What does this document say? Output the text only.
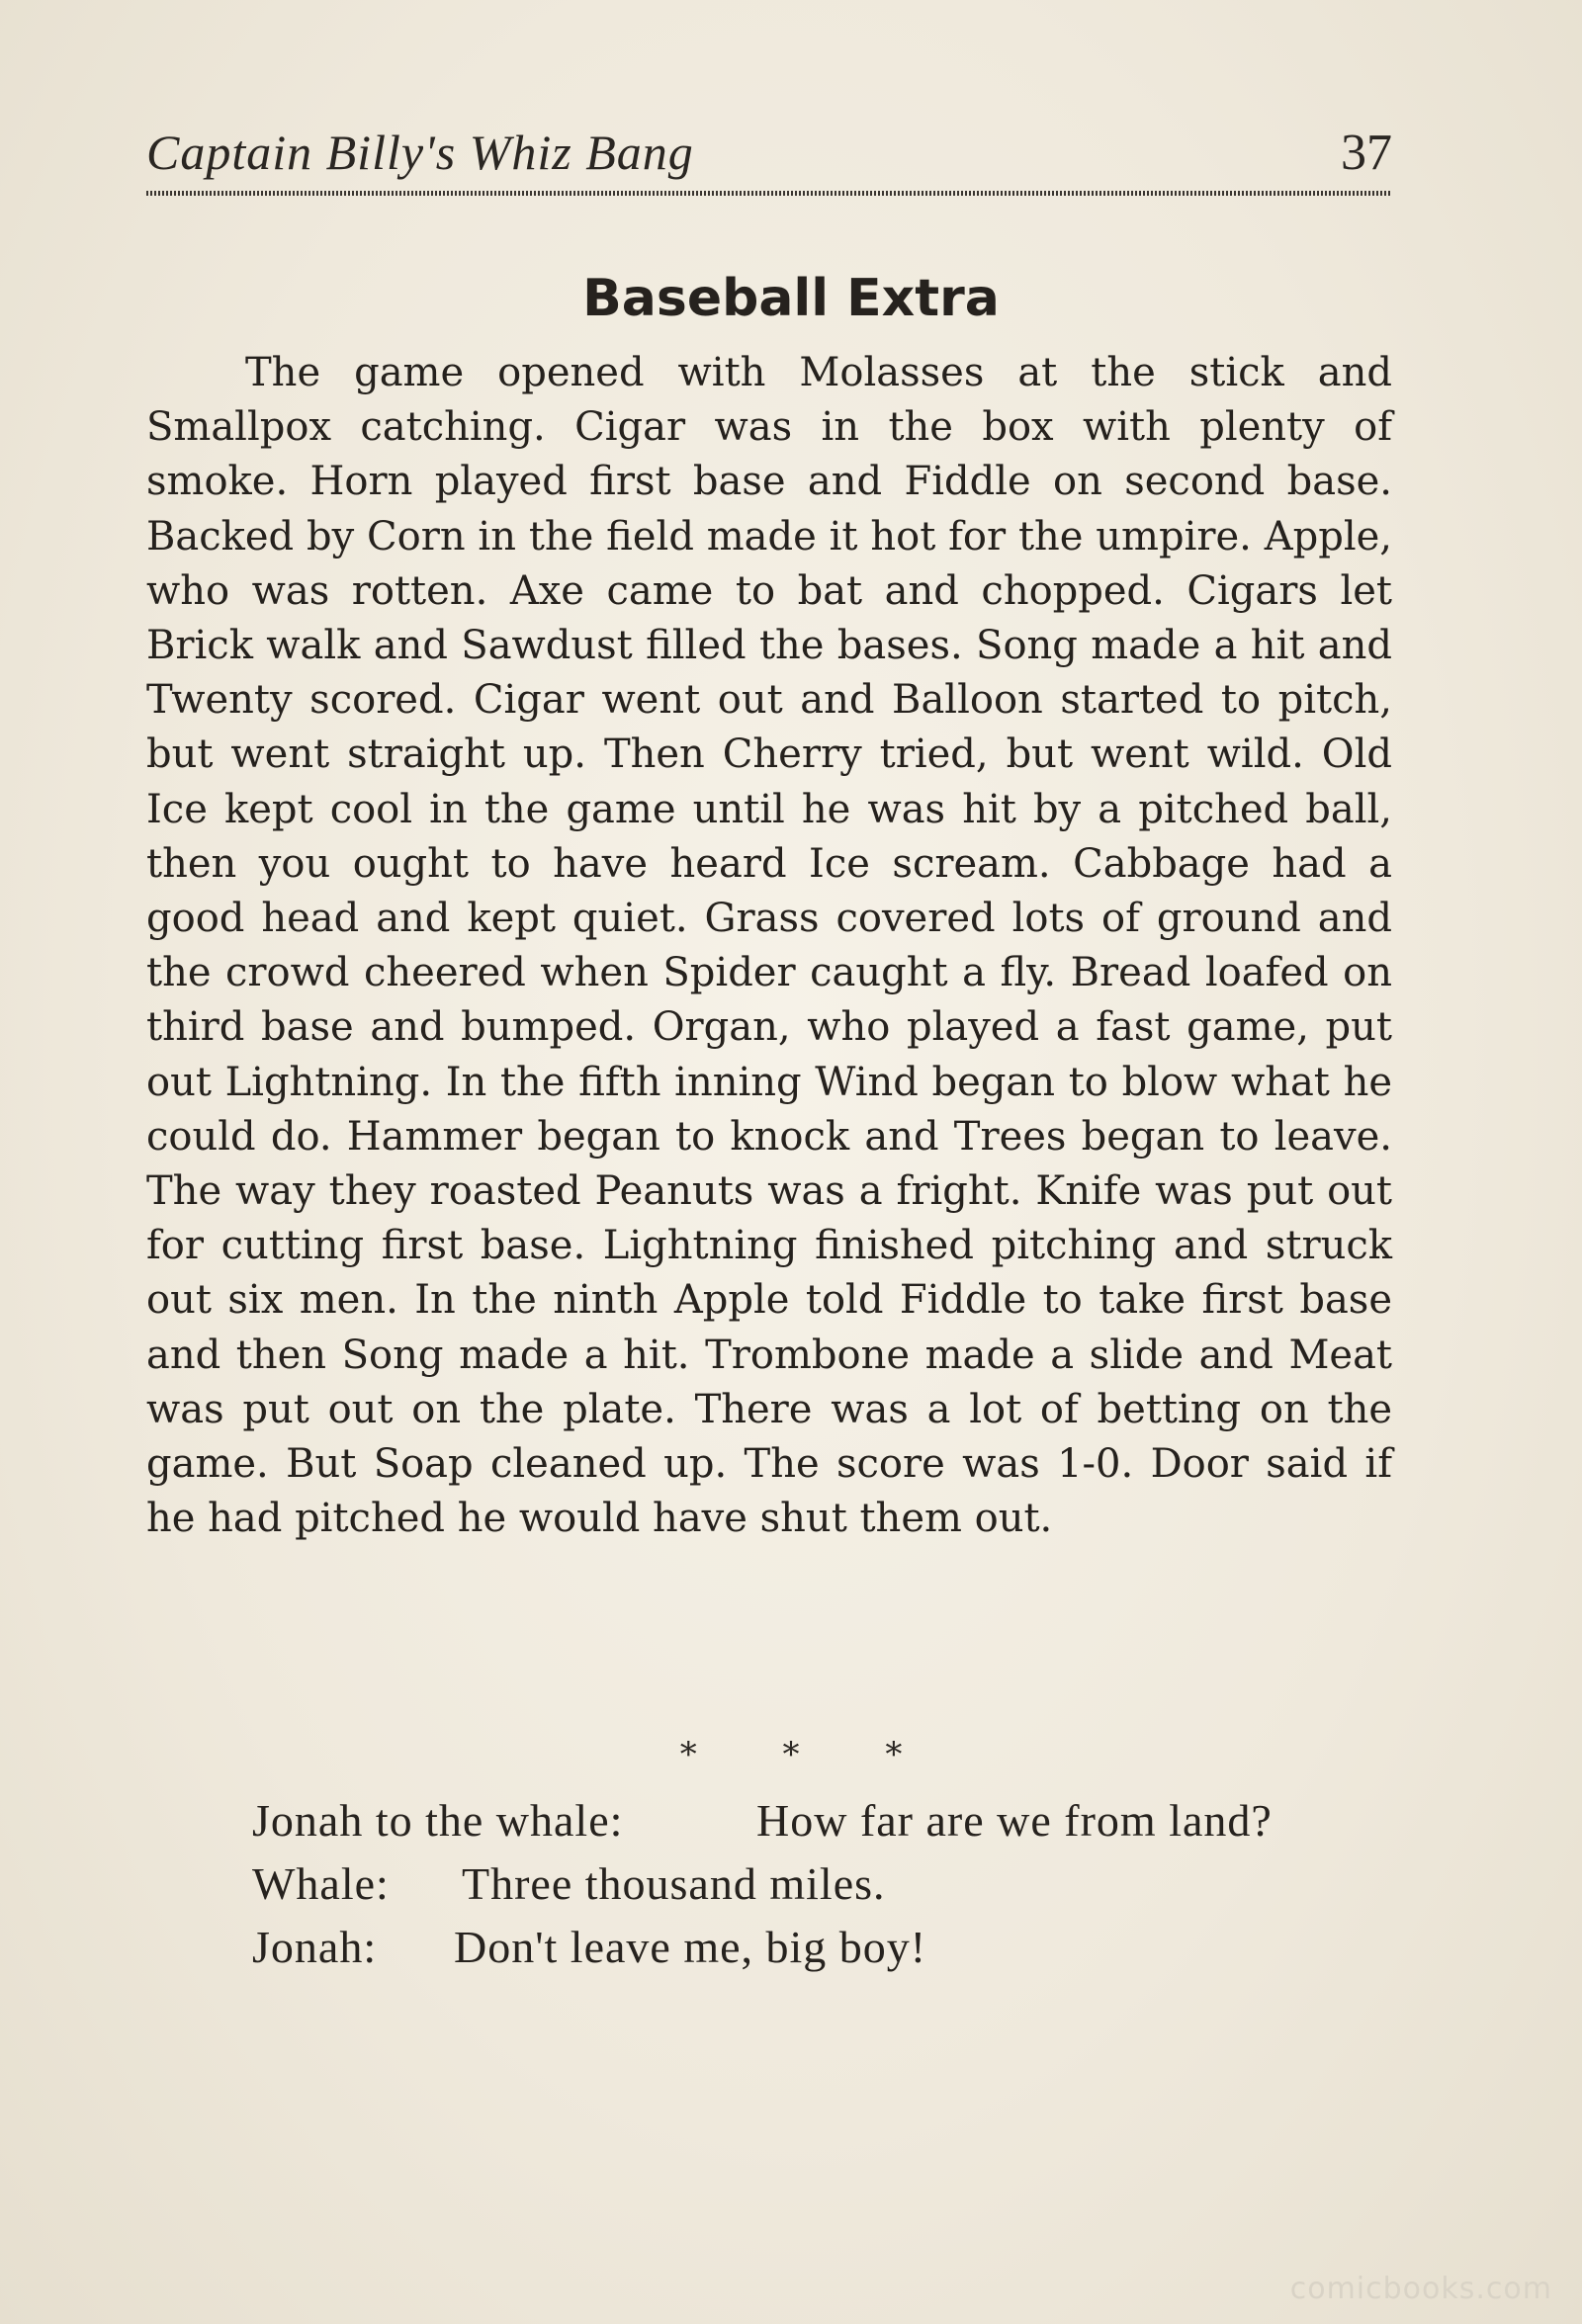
Captain Billy's Whiz Bang	37
Baseball Extra

The game opened with Molasses at the stick and Smallpox catching. Cigar was in the box with plenty of smoke. Horn played first base and Fiddle on second base. Backed by Corn in the field made it hot for the umpire. Apple, who was rotten. Axe came to bat and chopped. Cigars let Brick walk and Sawdust filled the bases. Song made a hit and Twenty scored. Cigar went out and Balloon started to pitch, but went straight up. Then Cherry tried, but went wild. Old Ice kept cool in the game until he was hit by a pitched ball, then you ought to have heard Ice scream. Cabbage had a good head and kept quiet. Grass covered lots of ground and the crowd cheered when Spider caught a fly. Bread loafed on third base and bumped. Organ, who played a fast game, put out Lightning. In the fifth inning Wind began to blow what he could do. Hammer began to knock and Trees began to leave. The way they roasted Peanuts was a fright. Knife was put out for cutting first base. Lightning finished pitching and struck out six men. In the ninth Apple told Fiddle to take first base and then Song made a hit. Trombone made a slide and Meat was put out on the plate. There was a lot of betting on the game. But Soap cleaned up. The score was 1-0. Door said if he had pitched he would have shut them out.

*	*	*
Jonah to the whale:	How far are we from land?
Whale: Three thousand miles.
Jonah: Don't leave me, big boy!
comicbooks.com
